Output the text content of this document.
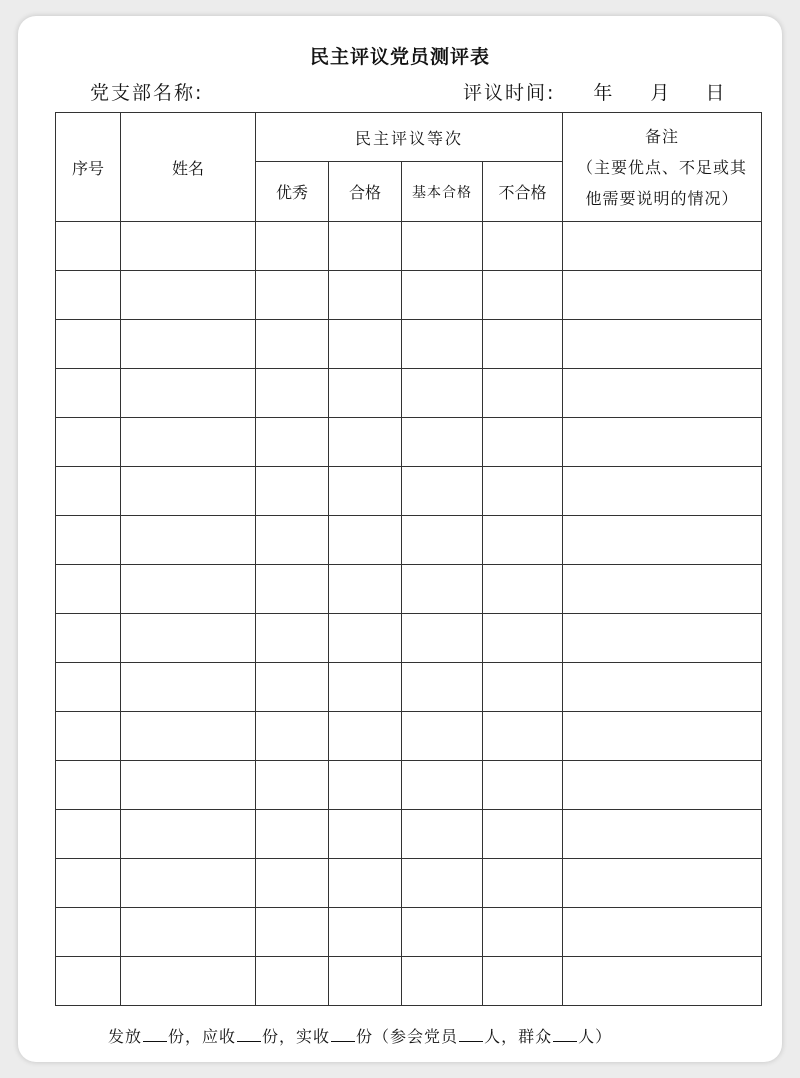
民主评议党员测评表
党支部名称:	评议时间: 年 月 日
序号	姓名	民主评议等次				备注
（主要优点、不足或其
他需要说明的情况）

		优秀	合格	基本合格	不合格	

发放 份，应收 份，实收 份（参会党员 人，群众 人）
